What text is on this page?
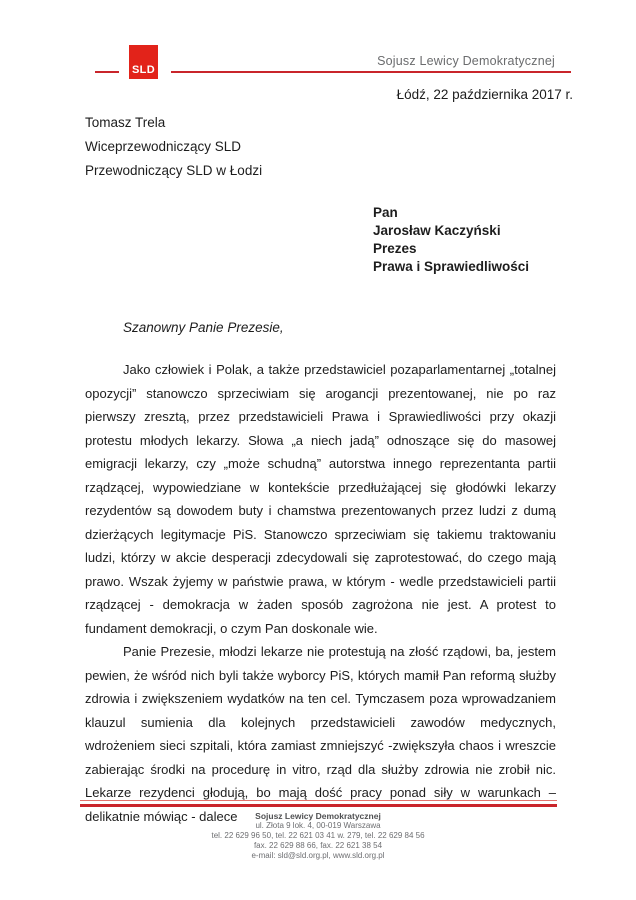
SLD
Sojusz Lewicy Demokratycznej
Łódź, 22 października 2017 r.
Tomasz Trela
Wiceprzewodniczący SLD
Przewodniczący SLD w Łodzi
Pan
Jarosław Kaczyński
Prezes
Prawa i Sprawiedliwości
Szanowny Panie Prezesie,

Jako człowiek i Polak, a także przedstawiciel pozaparlamentarnej „totalnej opozycji” stanowczo sprzeciwiam się arogancji prezentowanej, nie po raz pierwszy zresztą, przez przedstawicieli Prawa i Sprawiedliwości przy okazji protestu młodych lekarzy. Słowa „a niech jadą” odnoszące się do masowej emigracji lekarzy, czy „może schudną” autorstwa innego reprezentanta partii rządzącej, wypowiedziane w kontekście przedłużającej się głodówki lekarzy rezydentów są dowodem buty i chamstwa prezentowanych przez ludzi z dumą dzierżących legitymacje PiS. Stanowczo sprzeciwiam się takiemu traktowaniu ludzi, którzy w akcie desperacji zdecydowali się zaprotestować, do czego mają prawo. Wszak żyjemy w państwie prawa, w którym - wedle przedstawicieli partii rządzącej - demokracja w żaden sposób zagrożona nie jest. A protest to fundament demokracji, o czym Pan doskonale wie.

Panie Prezesie, młodzi lekarze nie protestują na złość rządowi, ba, jestem pewien, że wśród nich byli także wyborcy PiS, których mamił Pan reformą służby zdrowia i zwiększeniem wydatków na ten cel. Tymczasem poza wprowadzaniem klauzul sumienia dla kolejnych przedstawicieli zawodów medycznych, wdrożeniem sieci szpitali, która zamiast zmniejszyć -zwiększyła chaos i wreszcie zabierając środki na procedurę in vitro, rząd dla służby zdrowia nie zrobił nic. Lekarze rezydenci głodują, bo mają dość pracy ponad siły w warunkach – delikatnie mówiąc - dalece	Sojusz Lewicy Demokratycznej
ul. Złota 9 lok. 4, 00-019 Warszawa
tel. 22 629 96 50, tel. 22 621 03 41 w. 279, tel. 22 629 84 56
fax. 22 629 88 66, fax. 22 621 38 54
e-mail: sld@sld.org.pl, www.sld.org.pl
